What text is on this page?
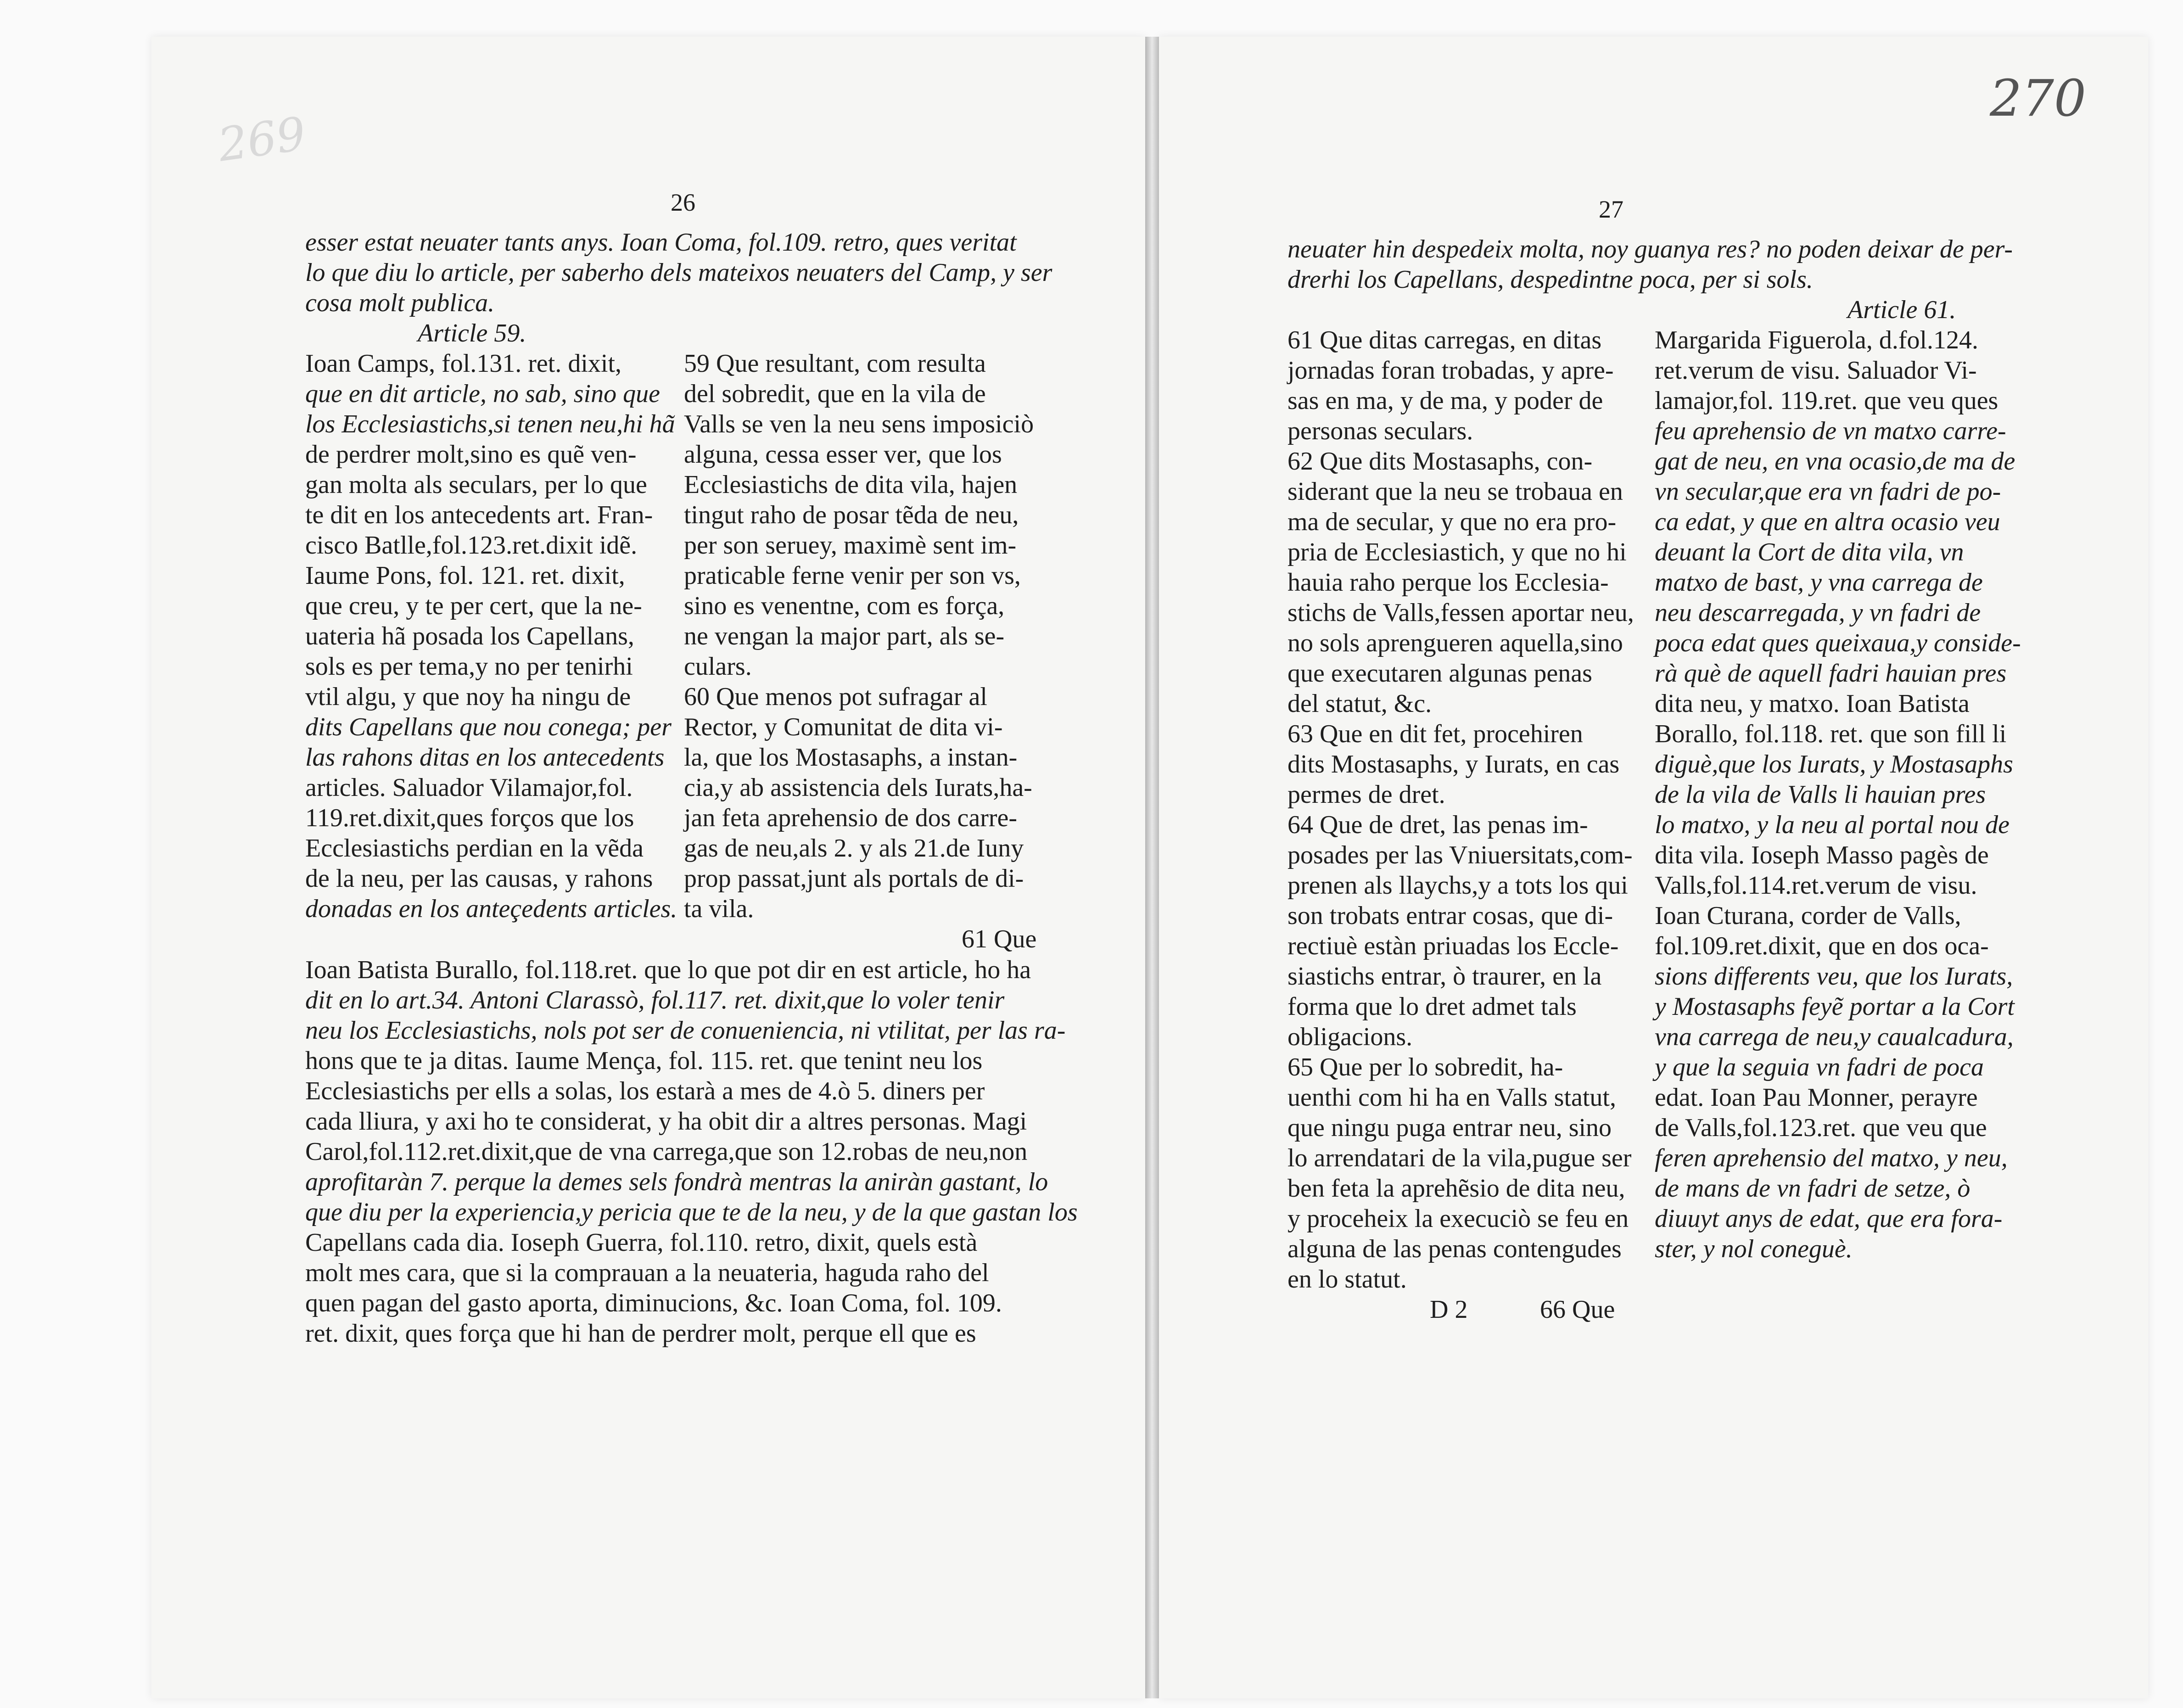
269
26
esser estat neuater tants anys. Ioan Coma, fol.109. retro, ques veritat
lo que diu lo article, per saberho dels mateixos neuaters del Camp, y ser
cosa molt publica.
Article 59.
Ioan Camps, fol.131. ret. dixit,
que en dit article, no sab, sino que
los Ecclesiastichs,si tenen neu,hi hã
de perdrer molt,sino es quẽ ven-
gan molta als seculars, per lo que
te dit en los antecedents art. Fran-
cisco Batlle,fol.123.ret.dixit idẽ.
Iaume Pons, fol. 121. ret. dixit,
que creu, y te per cert, que la ne-
uateria hã posada los Capellans,
sols es per tema,y no per tenirhi
vtil algu, y que noy ha ningu de
dits Capellans que nou conega; per
las rahons ditas en los antecedents
articles. Saluador Vilamajor,fol.
119.ret.dixit,ques forços que los
Ecclesiastichs perdian en la vẽda
de la neu, per las causas, y rahons
donadas en los anteçedents articles.
59 Que resultant, com resulta
del sobredit, que en la vila de
Valls se ven la neu sens imposiciò
alguna, cessa esser ver, que los
Ecclesiastichs de dita vila, hajen
tingut raho de posar tẽda de neu,
per son seruey, maximè sent im-
praticable ferne venir per son vs,
sino es venentne, com es força,
ne vengan la major part, als se-
culars.
60 Que menos pot sufragar al
Rector, y Comunitat de dita vi-
la, que los Mostasaphs, a instan-
cia,y ab assistencia dels Iurats,ha-
jan feta aprehensio de dos carre-
gas de neu,als 2. y als 21.de Iuny
prop passat,junt als portals de di-
ta vila.
61 Que
Ioan Batista Burallo, fol.118.ret. que lo que pot dir en est article, ho ha
dit en lo art.34. Antoni Clarassò, fol.117. ret. dixit,que lo voler tenir
neu los Ecclesiastichs, nols pot ser de conueniencia, ni vtilitat, per las ra-
hons que te ja ditas. Iaume Mença, fol. 115. ret. que tenint neu los
Ecclesiastichs per ells a solas, los estarà a mes de 4.ò 5. diners per
cada lliura, y axi ho te considerat, y ha obit dir a altres personas. Magi
Carol,fol.112.ret.dixit,que de vna carrega,que son 12.robas de neu,non
aprofitaràn 7. perque la demes sels fondrà mentras la aniràn gastant, lo
que diu per la experiencia,y pericia que te de la neu, y de la que gastan los
Capellans cada dia. Ioseph Guerra, fol.110. retro, dixit, quels està
molt mes cara, que si la comprauan a la neuateria, haguda raho del
quen pagan del gasto aporta, diminucions, &c. Ioan Coma, fol. 109.
ret. dixit, ques força que hi han de perdrer molt, perque ell que es
270
27
neuater hin despedeix molta, noy guanya res? no poden deixar de per-
drerhi los Capellans, despedintne poca, per si sols.
Article 61.
61 Que ditas carregas, en ditas
jornadas foran trobadas, y apre-
sas en ma, y de ma, y poder de
personas seculars.
62 Que dits Mostasaphs, con-
siderant que la neu se trobaua en
ma de secular, y que no era pro-
pria de Ecclesiastich, y que no hi
hauia raho perque los Ecclesia-
stichs de Valls,fessen aportar neu,
no sols aprengueren aquella,sino
que executaren algunas penas
del statut, &c.
63 Que en dit fet, procehiren
dits Mostasaphs, y Iurats, en cas
permes de dret.
64 Que de dret, las penas im-
posades per las Vniuersitats,com-
prenen als llaychs,y a tots los qui
son trobats entrar cosas, que di-
rectiuè estàn priuadas los Eccle-
siastichs entrar, ò traurer, en la
forma que lo dret admet tals
obligacions.
65 Que per lo sobredit, ha-
uenthi com hi ha en Valls statut,
que ningu puga entrar neu, sino
lo arrendatari de la vila,pugue ser
ben feta la aprehẽsio de dita neu,
y proceheix la execuciò se feu en
alguna de las penas contengudes
en lo statut.
Margarida Figuerola, d.fol.124.
ret.verum de visu. Saluador Vi-
lamajor,fol. 119.ret. que veu ques
feu aprehensio de vn matxo carre-
gat de neu, en vna ocasio,de ma de
vn secular,que era vn fadri de po-
ca edat, y que en altra ocasio veu
deuant la Cort de dita vila, vn
matxo de bast, y vna carrega de
neu descarregada, y vn fadri de
poca edat ques queixaua,y conside-
rà què de aquell fadri hauian pres
dita neu, y matxo. Ioan Batista
Borallo, fol.118. ret. que son fill li
diguè,que los Iurats, y Mostasaphs
de la vila de Valls li hauian pres
lo matxo, y la neu al portal nou de
dita vila. Ioseph Masso pagès de
Valls,fol.114.ret.verum de visu.
Ioan Cturana, corder de Valls,
fol.109.ret.dixit, que en dos oca-
sions differents veu, que los Iurats,
y Mostasaphs feyẽ portar a la Cort
vna carrega de neu,y caualcadura,
y que la seguia vn fadri de poca
edat. Ioan Pau Monner, perayre
de Valls,fol.123.ret. que veu que
feren aprehensio del matxo, y neu,
de mans de vn fadri de setze, ò
diuuyt anys de edat, que era fora-
ster, y nol coneguè.
D 2	66 Que
